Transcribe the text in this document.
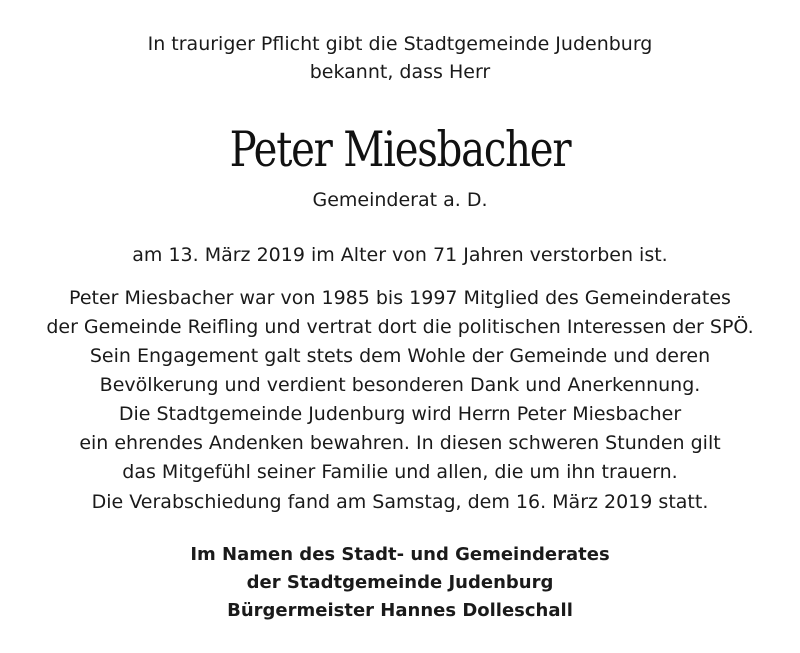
In trauriger Pflicht gibt die Stadtgemeinde Judenburg
bekannt, dass Herr
Peter Miesbacher
Gemeinderat a. D.
am 13. März 2019 im Alter von 71 Jahren verstorben ist.
Peter Miesbacher war von 1985 bis 1997 Mitglied des Gemeinderates
der Gemeinde Reifling und vertrat dort die politischen Interessen der SPÖ.
Sein Engagement galt stets dem Wohle der Gemeinde und deren
Bevölkerung und verdient besonderen Dank und Anerkennung.
Die Stadtgemeinde Judenburg wird Herrn Peter Miesbacher
ein ehrendes Andenken bewahren. In diesen schweren Stunden gilt
das Mitgefühl seiner Familie und allen, die um ihn trauern.
Die Verabschiedung fand am Samstag, dem 16. März 2019 statt.
Im Namen des Stadt- und Gemeinderates
der Stadtgemeinde Judenburg
Bürgermeister Hannes Dolleschall
